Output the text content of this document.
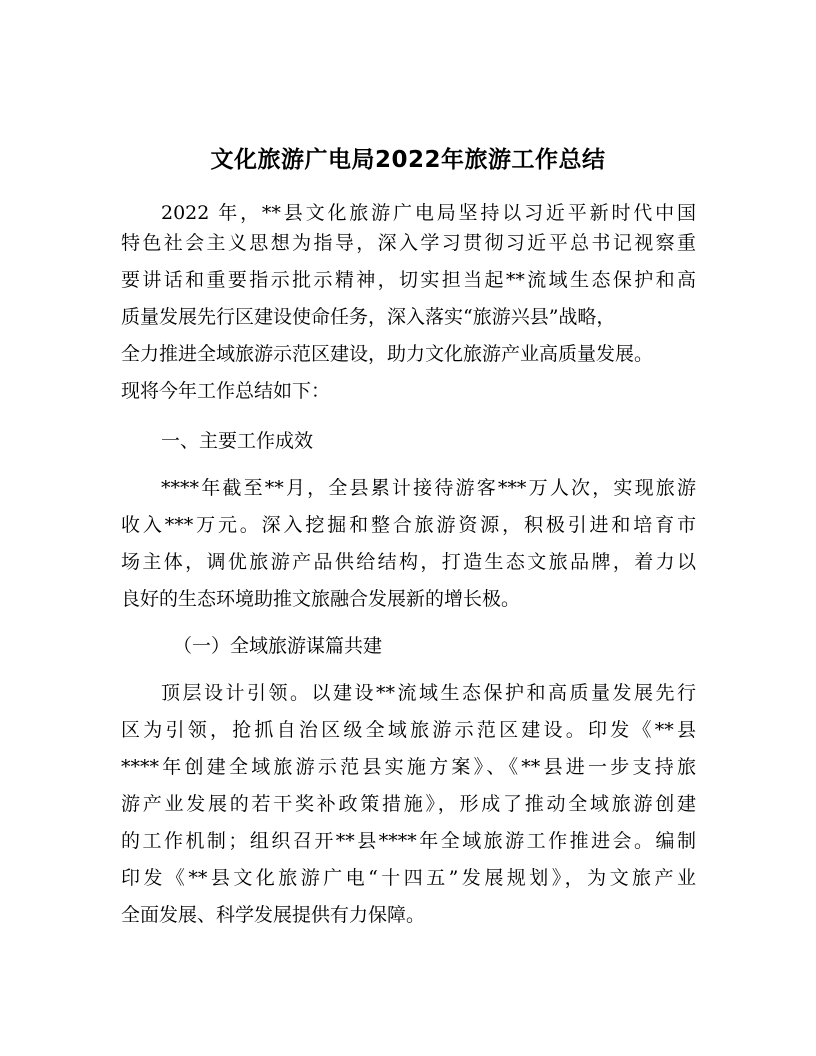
文化旅游广电局2022年旅游工作总结

2022 年，**县文化旅游广电局坚持以习近平新时代中国

特色社会主义思想为指导，深入学习贯彻习近平总书记视察重

要讲话和重要指示批示精神，切实担当起**流域生态保护和高

质量发展先行区建设使命任务，深入落实“旅游兴县”战略，

全力推进全域旅游示范区建设，助力文化旅游产业高质量发展。

现将今年工作总结如下：

一、主要工作成效

****年截至**月，全县累计接待游客***万人次，实现旅游

收入***万元。深入挖掘和整合旅游资源，积极引进和培育市

场主体，调优旅游产品供给结构，打造生态文旅品牌，着力以

良好的生态环境助推文旅融合发展新的增长极。

（一）全域旅游谋篇共建

顶层设计引领。以建设**流域生态保护和高质量发展先行

区为引领，抢抓自治区级全域旅游示范区建设。印发《**县

****年创建全域旅游示范县实施方案》、《**县进一步支持旅

游产业发展的若干奖补政策措施》，形成了推动全域旅游创建

的工作机制；组织召开**县****年全域旅游工作推进会。编制

印发《**县文化旅游广电“十四五”发展规划》，为文旅产业

全面发展、科学发展提供有力保障。
